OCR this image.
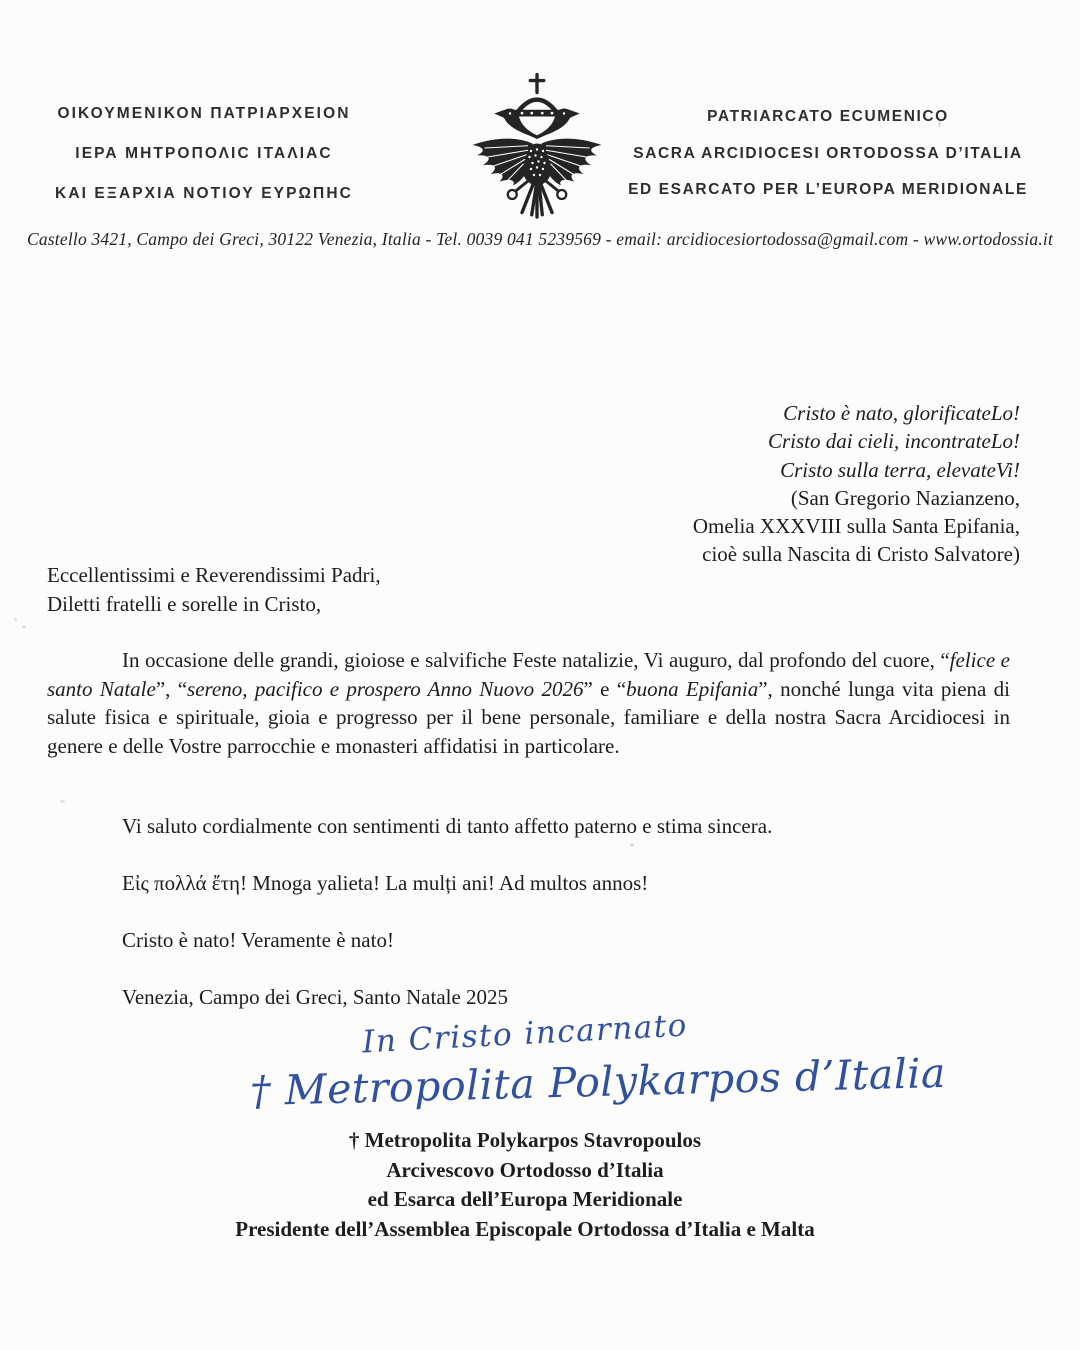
ΟΙΚΟΥΜΕΝΙΚΟΝ ΠΑΤΡΙΑΡΧΕΙΟΝ
ΙΕΡΑ ΜΗΤΡΟΠΟΛΙC ΙΤΑΛΙΑC
ΚΑΙ ΕΞΑΡΧΙΑ ΝΟΤΙΟΥ ΕΥΡΩΠΗC
PATRIARCATO ECUMENICO
SACRA ARCIDIOCESI ORTODOSSA D’ITALIA
ED ESARCATO PER L’EUROPA MERIDIONALE
Castello 3421, Campo dei Greci, 30122 Venezia, Italia - Tel. 0039 041 5239569 - email: arcidiocesiortodossa@gmail.com - www.ortodossia.it
Cristo è nato, glorificateLo!
Cristo dai cieli, incontrateLo!
Cristo sulla terra, elevateVi!
(San Gregorio Nazianzeno,
Omelia XXXVIII sulla Santa Epifania,
cioè sulla Nascita di Cristo Salvatore)
Eccellentissimi e Reverendissimi Padri,
Diletti fratelli e sorelle in Cristo,

In occasione delle grandi, gioiose e salvifiche Feste natalizie, Vi auguro, dal profondo del cuore, “felice e santo Natale”, “sereno, pacifico e prospero Anno Nuovo 2026” e “buona Epifania”, nonché lunga vita piena di salute fisica e spirituale, gioia e progresso per il bene personale, familiare e della nostra Sacra Arcidiocesi in genere e delle Vostre parrocchie e monasteri affidatisi in particolare.

Vi saluto cordialmente con sentimenti di tanto affetto paterno e stima sincera.

Εἰς πολλά ἔτη! Mnoga yalieta! La mulți ani! Ad multos annos!

Cristo è nato! Veramente è nato!

Venezia, Campo dei Greci, Santo Natale 2025

In Cristo incarnato
† Metropolita Polykarpos d’Italia
† Metropolita Polykarpos Stavropoulos
Arcivescovo Ortodosso d’Italia
ed Esarca dell’Europa Meridionale
Presidente dell’Assemblea Episcopale Ortodossa d’Italia e Malta
